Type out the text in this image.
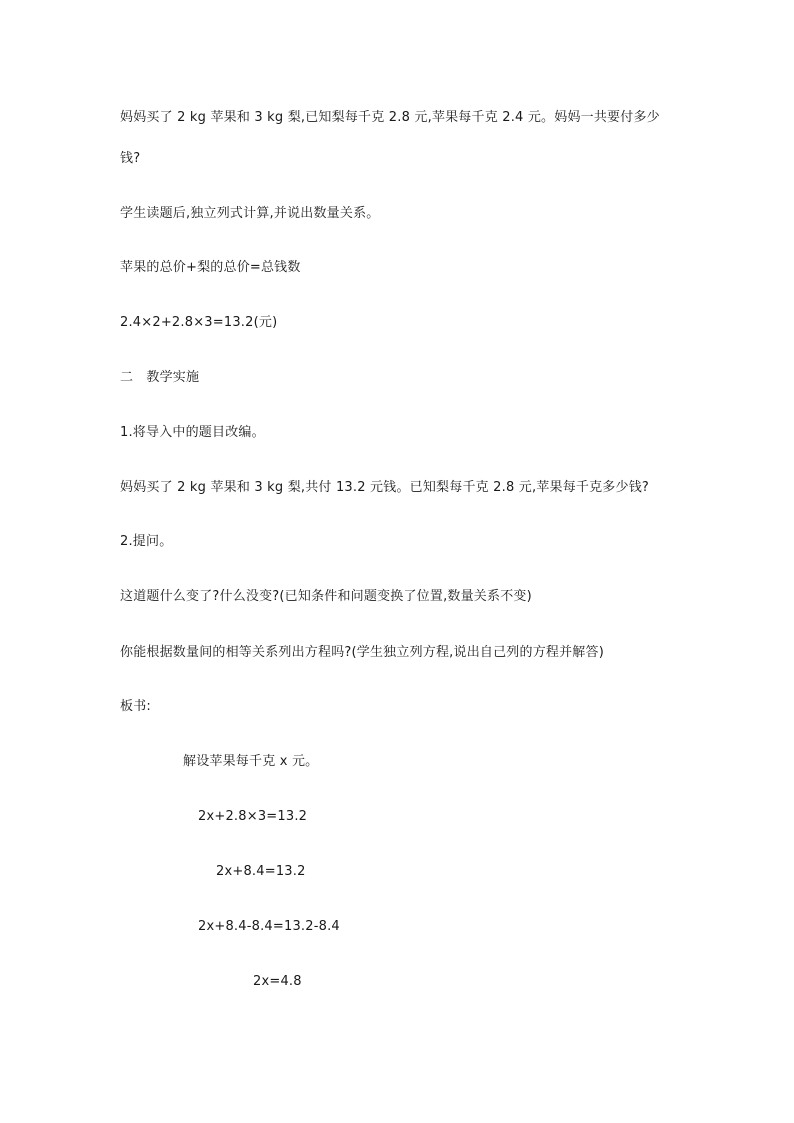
妈妈买了 2 kg 苹果和 3 kg 梨,已知梨每千克 2.8 元,苹果每千克 2.4 元。妈妈一共要付多少
钱?
学生读题后,独立列式计算,并说出数量关系。
苹果的总价+梨的总价=总钱数
2.4×2+2.8×3=13.2(元)
二　教学实施
1.将导入中的题目改编。
妈妈买了 2 kg 苹果和 3 kg 梨,共付 13.2 元钱。已知梨每千克 2.8 元,苹果每千克多少钱?
2.提问。
这道题什么变了?什么没变?(已知条件和问题变换了位置,数量关系不变)
你能根据数量间的相等关系列出方程吗?(学生独立列方程,说出自己列的方程并解答)
板书:
解设苹果每千克 x 元。
2x+2.8×3=13.2
2x+8.4=13.2
2x+8.4-8.4=13.2-8.4
2x=4.8
